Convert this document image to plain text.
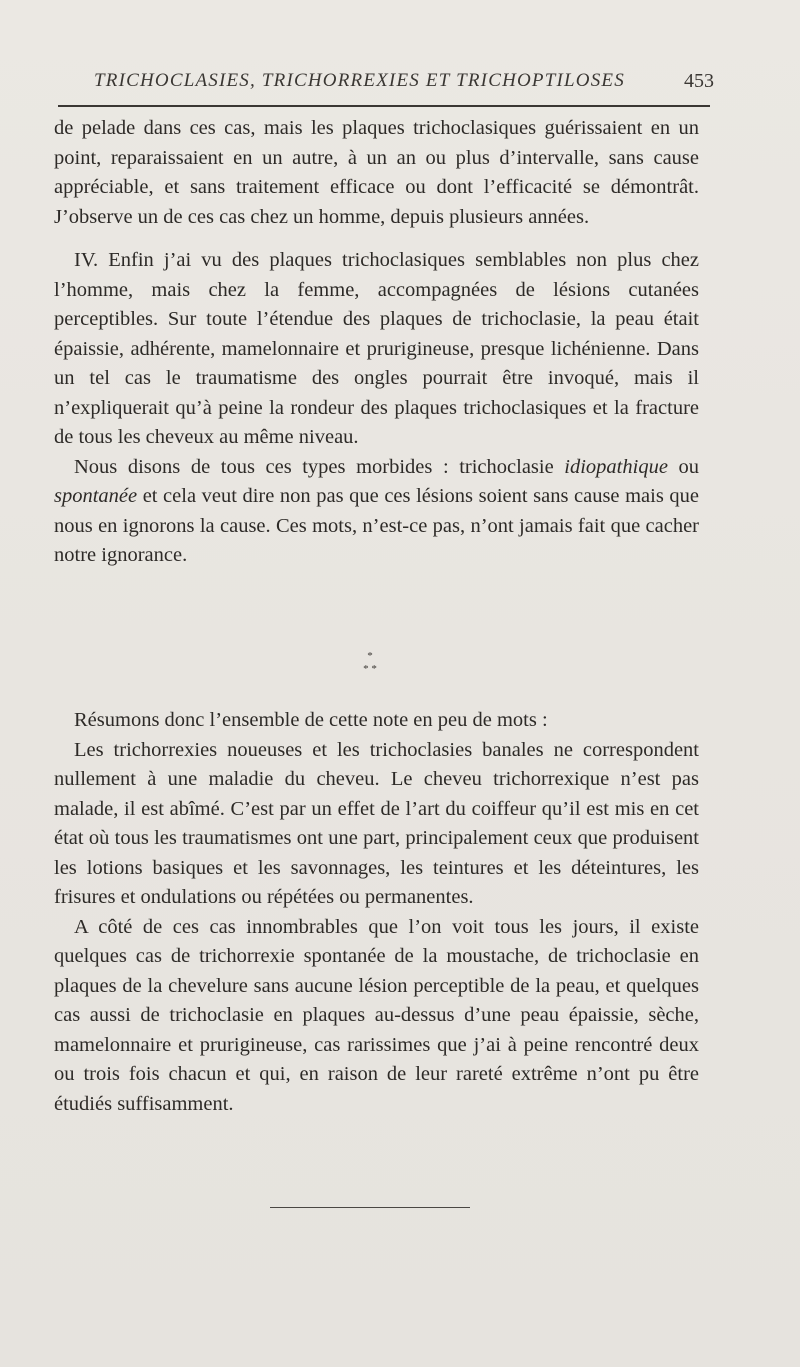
TRICHOCLASIES, TRICHORREXIES ET TRICHOPTILOSES	453

de pelade dans ces cas, mais les plaques trichoclasiques guérissaient en un point, reparaissaient en un autre, à un an ou plus d’intervalle, sans cause appréciable, et sans traitement efficace ou dont l’efficacité se démontrât. J’observe un de ces cas chez un homme, depuis plusieurs années.

IV. Enfin j’ai vu des plaques trichoclasiques semblables non plus chez l’homme, mais chez la femme, accompagnées de lésions cutanées perceptibles. Sur toute l’étendue des plaques de trichoclasie, la peau était épaissie, adhérente, mamelonnaire et prurigineuse, presque lichénienne. Dans un tel cas le traumatisme des ongles pourrait être invoqué, mais il n’expliquerait qu’à peine la rondeur des plaques trichoclasiques et la fracture de tous les cheveux au même niveau.

Nous disons de tous ces types morbides : trichoclasie idiopathique ou spontanée et cela veut dire non pas que ces lésions soient sans cause mais que nous en ignorons la cause. Ces mots, n’est-ce pas, n’ont jamais fait que cacher notre ignorance.

*
* *

Résumons donc l’ensemble de cette note en peu de mots :

Les trichorrexies noueuses et les trichoclasies banales ne correspondent nullement à une maladie du cheveu. Le cheveu trichorrexique n’est pas malade, il est abîmé. C’est par un effet de l’art du coiffeur qu’il est mis en cet état où tous les traumatismes ont une part, principalement ceux que produisent les lotions basiques et les savonnages, les teintures et les déteintures, les frisures et ondulations ou répétées ou permanentes.

A côté de ces cas innombrables que l’on voit tous les jours, il existe quelques cas de trichorrexie spontanée de la moustache, de trichoclasie en plaques de la chevelure sans aucune lésion perceptible de la peau, et quelques cas aussi de trichoclasie en plaques au-dessus d’une peau épaissie, sèche, mamelonnaire et prurigineuse, cas rarissimes que j’ai à peine rencontré deux ou trois fois chacun et qui, en raison de leur rareté extrême n’ont pu être étudiés suffisamment.
